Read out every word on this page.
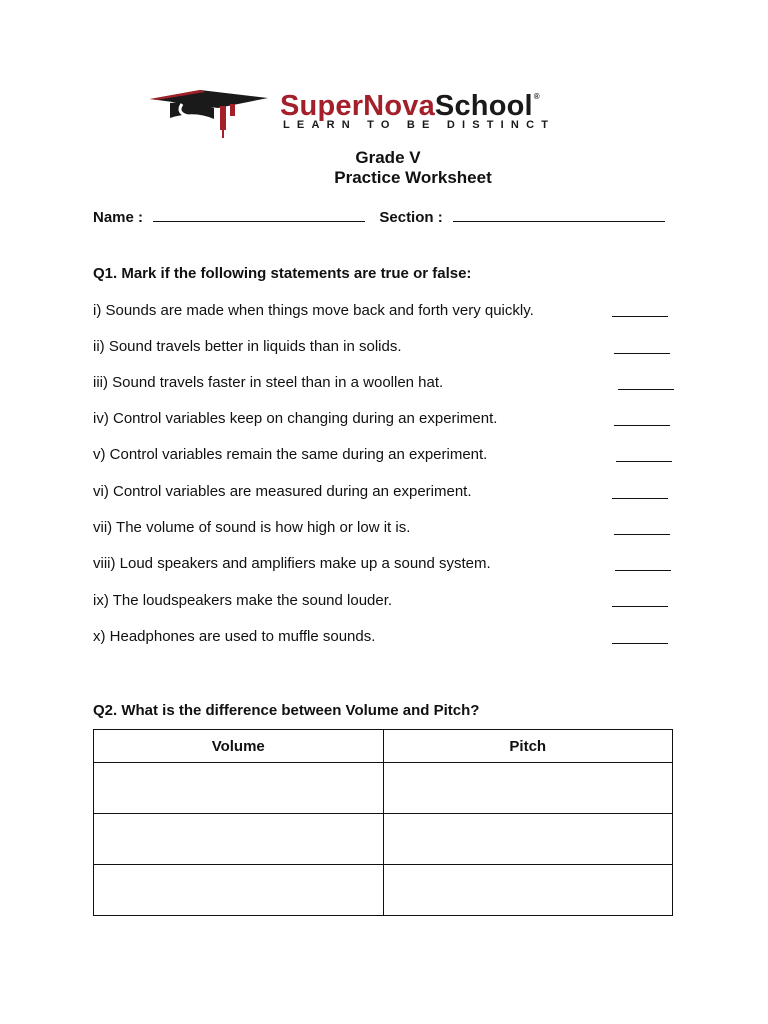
SuperNovaSchool®
LEARN TO BE DISTINCT
Grade V
Practice Worksheet
Name :	Section :
Q1. Mark if the following statements are true or false:
i) Sounds are made when things move back and forth very quickly.
ii) Sound travels better in liquids than in solids.
iii) Sound travels faster in steel than in a woollen hat.
iv) Control variables keep on changing during an experiment.
v) Control variables remain the same during an experiment.
vi) Control variables are measured during an experiment.
vii) The volume of sound is how high or low it is.
viii) Loud speakers and amplifiers make up a sound system.
ix) The loudspeakers make the sound louder.
x) Headphones are used to muffle sounds.
Q2. What is the difference between Volume and Pitch?
Volume	Pitch
